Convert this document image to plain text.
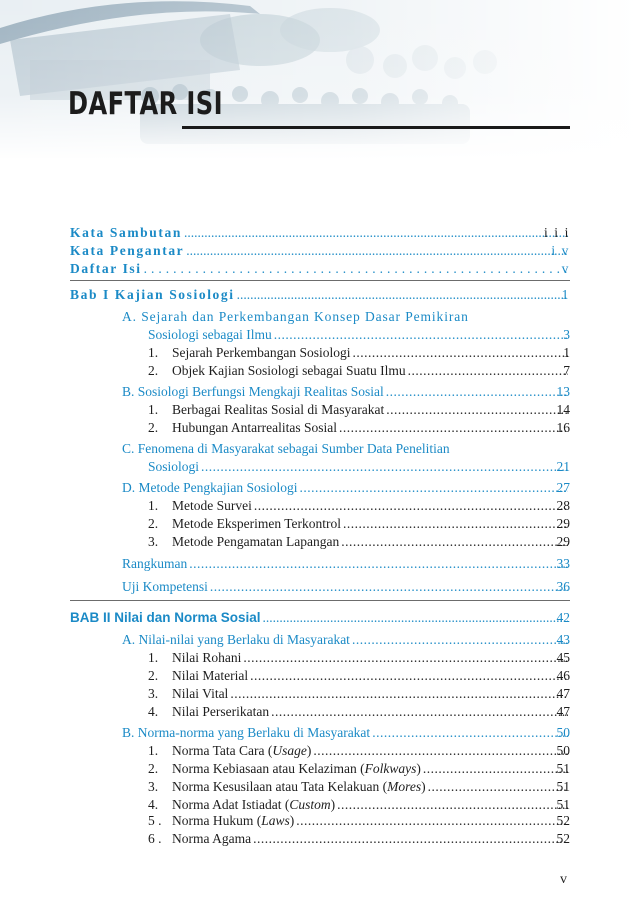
DAFTAR ISI
Kata Sambutan .....	i i i
Kata Pengantar .....	i v
Daftar Isi .....	v
Bab I Kajian Sosiologi .....	1
A. Sejarah dan Perkembangan Konsep Dasar Pemikiran
Sosiologi sebagai Ilmu .....	3
1. Sejarah Perkembangan Sosiologi .....	1
2. Objek Kajian Sosiologi sebagai Suatu Ilmu .....	7
B. Sosiologi Berfungsi Mengkaji Realitas Sosial .....	13
1. Berbagai Realitas Sosial di Masyarakat .....	14
2. Hubungan Antarrealitas Sosial .....	16
C. Fenomena di Masyarakat sebagai Sumber Data Penelitian
Sosiologi .....	21
D. Metode Pengkajian Sosiologi .....	27
1. Metode Survei .....	28
2. Metode Eksperimen Terkontrol .....	29
3. Metode Pengamatan Lapangan .....	29
Rangkuman .....	33
Uji Kompetensi .....	36
BAB II Nilai dan Norma Sosial .....	42
A. Nilai-nilai yang Berlaku di Masyarakat .....	43
1. Nilai Rohani .....	45
2. Nilai Material .....	46
3. Nilai Vital .....	47
4. Nilai Perserikatan .....	47
B. Norma-norma yang Berlaku di Masyarakat .....	50
1. Norma Tata Cara (Usage) .....	50
2. Norma Kebiasaan atau Kelaziman (Folkways) .....	51
3. Norma Kesusilaan atau Tata Kelakuan (Mores) .....	51
4. Norma Adat Istiadat (Custom) .....	51
5 . Norma Hukum (Laws) .....	52
6 . Norma Agama .....	52
v
